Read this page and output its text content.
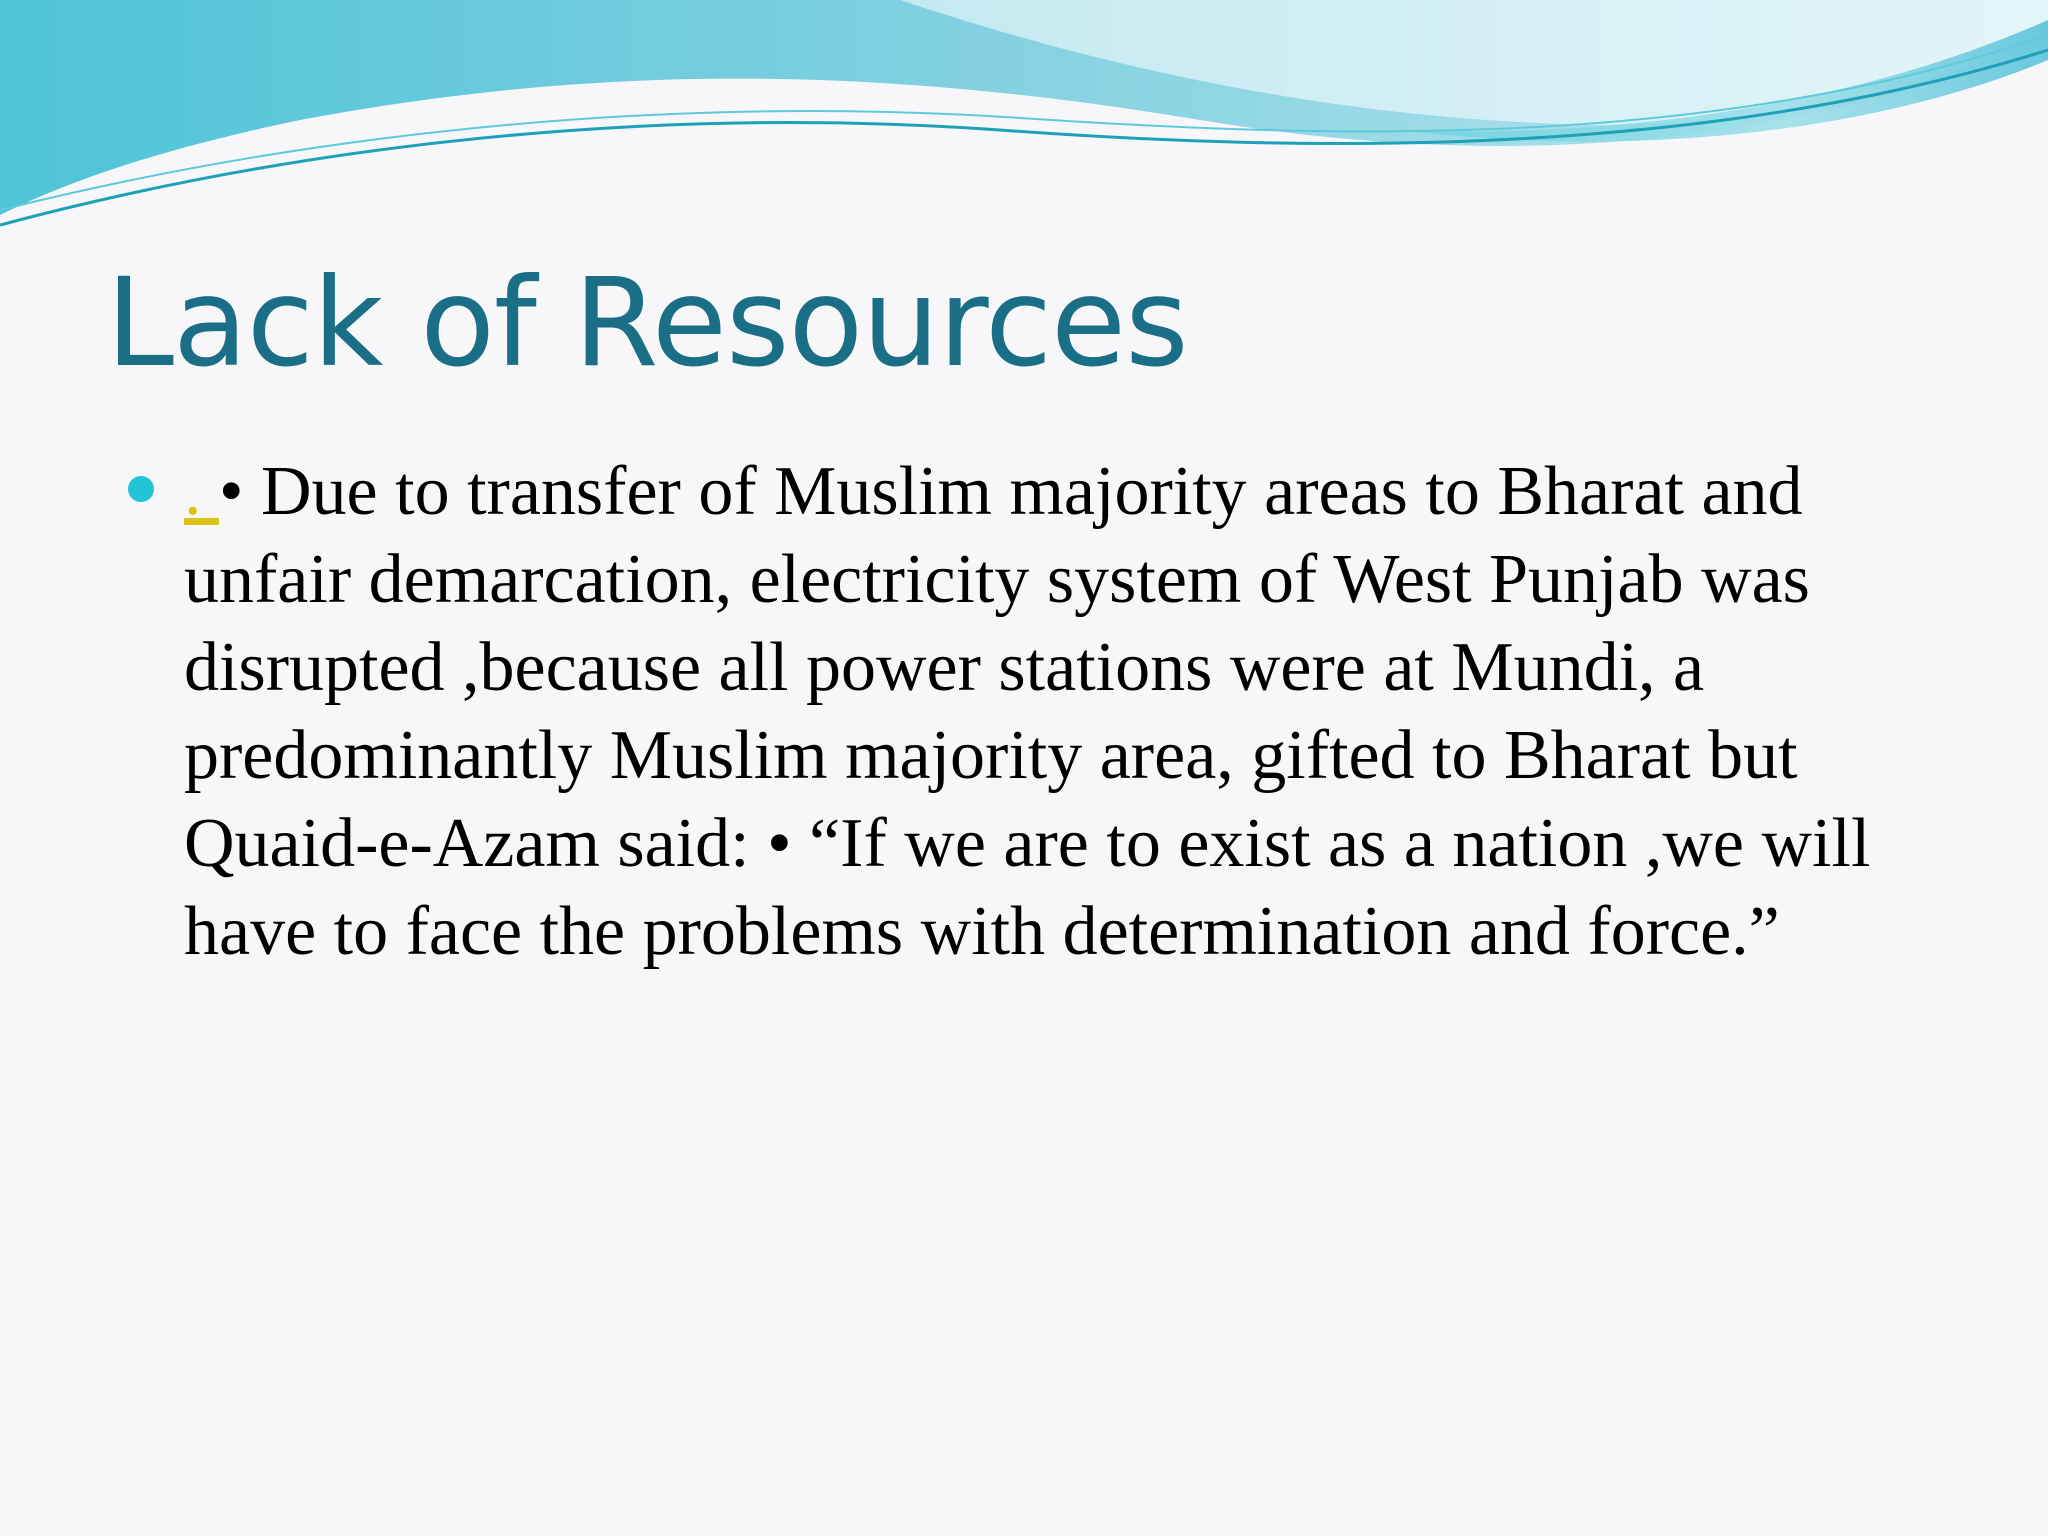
Lack of Resources

. • Due to transfer of Muslim majority areas to Bharat and unfair demarcation, electricity system of West Punjab was disrupted ,because all power stations were at Mundi, a predominantly Muslim majority area, gifted to Bharat but Quaid-e-Azam said: • “If we are to exist as a nation ,we will have to face the problems with determination and force.”
